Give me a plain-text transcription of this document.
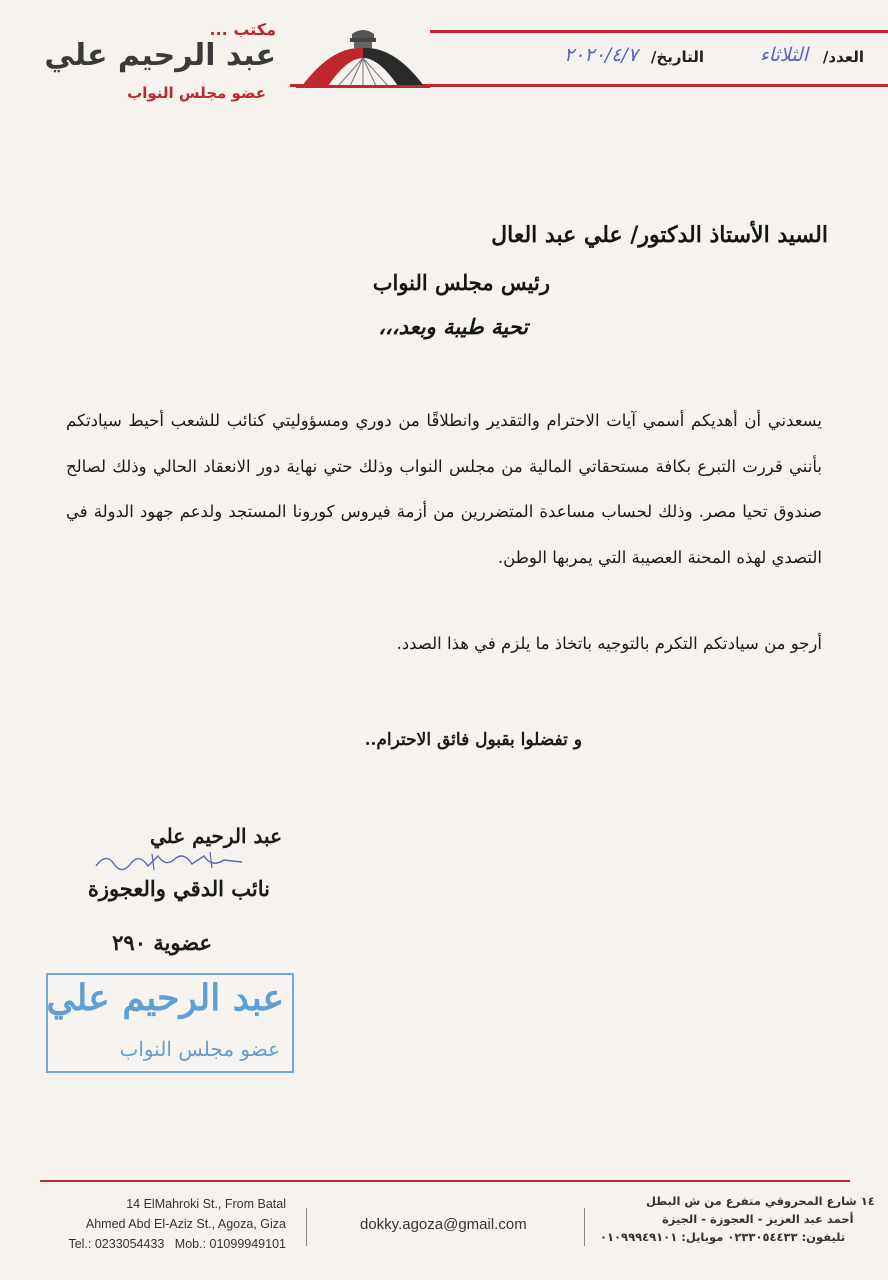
مكتب ...
عبد الرحيم علي
عضو مجلس النواب
العدد/
الثلاثاء
التاريخ/
٢٠٢٠/٤/٧
السيد الأستاذ الدكتور/ علي عبد العال
رئيس مجلس النواب
تحية طيبة وبعد،،،
يسعدني أن أهديكم أسمي آيات الاحترام والتقدير وانطلاقًا من دوري ومسؤوليتي كنائب للشعب أحيط سيادتكم بأنني قررت التبرع بكافة مستحقاتي المالية من مجلس النواب وذلك حتي نهاية دور الانعقاد الحالي وذلك لصالح صندوق تحيا مصر. وذلك لحساب مساعدة المتضررين من أزمة فيروس كورونا المستجد ولدعم جهود الدولة في التصدي لهذه المحنة العصيبة التي يمربها الوطن.
أرجو من سيادتكم التكرم بالتوجيه باتخاذ ما يلزم في هذا الصدد.
و تفضلوا بقبول فائق الاحترام..
عبد الرحيم علي
نائب الدقي والعجوزة
عضوية ٢٩٠
عبد الرحيم علي
عضو مجلس النواب
14 ElMahroki St., From Batal
Ahmed Abd El-Aziz St., Agoza, Giza
Tel.: 0233054433 Mob.: 01099949101
dokky.agoza@gmail.com
١٤ شارع المحروقي متفرع من ش البطل
أحمد عبد العزيز - العجوزة - الجيزة
تليفون: ٠٢٣٣٠٥٤٤٣٣ موبايل: ٠١٠٩٩٩٤٩١٠١
